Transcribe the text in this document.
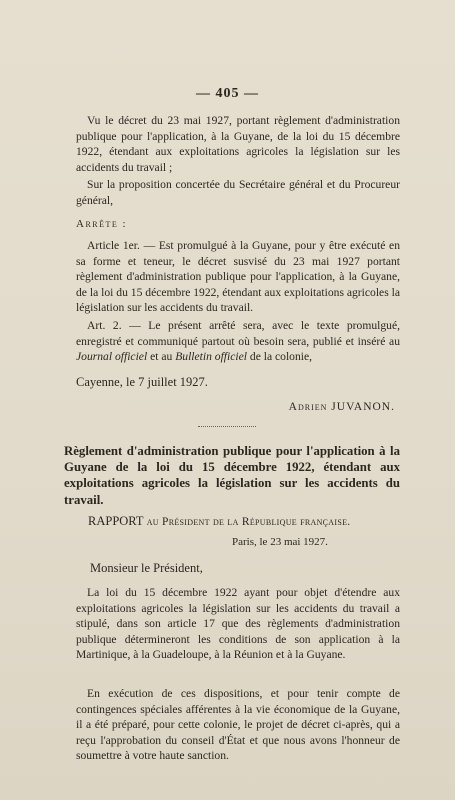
— 405 —
Vu le décret du 23 mai 1927, portant règlement d'administration publique pour l'application, à la Guyane, de la loi du 15 décembre 1922, étendant aux exploitations agricoles la législation sur les accidents du travail ;
Sur la proposition concertée du Secrétaire général et du Procureur général,
Arrête :
Article 1er. — Est promulgué à la Guyane, pour y être exécuté en sa forme et teneur, le décret susvisé du 23 mai 1927 portant règlement d'administration publique pour l'application, à la Guyane, de la loi du 15 décembre 1922, étendant aux exploitations agricoles la législation sur les accidents du travail.
Art. 2. — Le présent arrêté sera, avec le texte promulgué, enregistré et communiqué partout où besoin sera, publié et inséré au Journal officiel et au Bulletin officiel de la colonie,
Cayenne, le 7 juillet 1927.
Adrien JUVANON.
Règlement d'administration publique pour l'application à la Guyane de la loi du 15 décembre 1922, étendant aux exploitations agricoles la législation sur les accidents du travail.
RAPPORT au Président de la République française.
Paris, le 23 mai 1927.
Monsieur le Président,
La loi du 15 décembre 1922 ayant pour objet d'étendre aux exploitations agricoles la législation sur les accidents du travail a stipulé, dans son article 17 que des règlements d'administration publique détermineront les conditions de son application à la Martinique, à la Guadeloupe, à la Réunion et à la Guyane.
En exécution de ces dispositions, et pour tenir compte de contingences spéciales afférentes à la vie économique de la Guyane, il a été préparé, pour cette colonie, le projet de décret ci-après, qui a reçu l'approbation du conseil d'État et que nous avons l'honneur de soumettre à votre haute sanction.
